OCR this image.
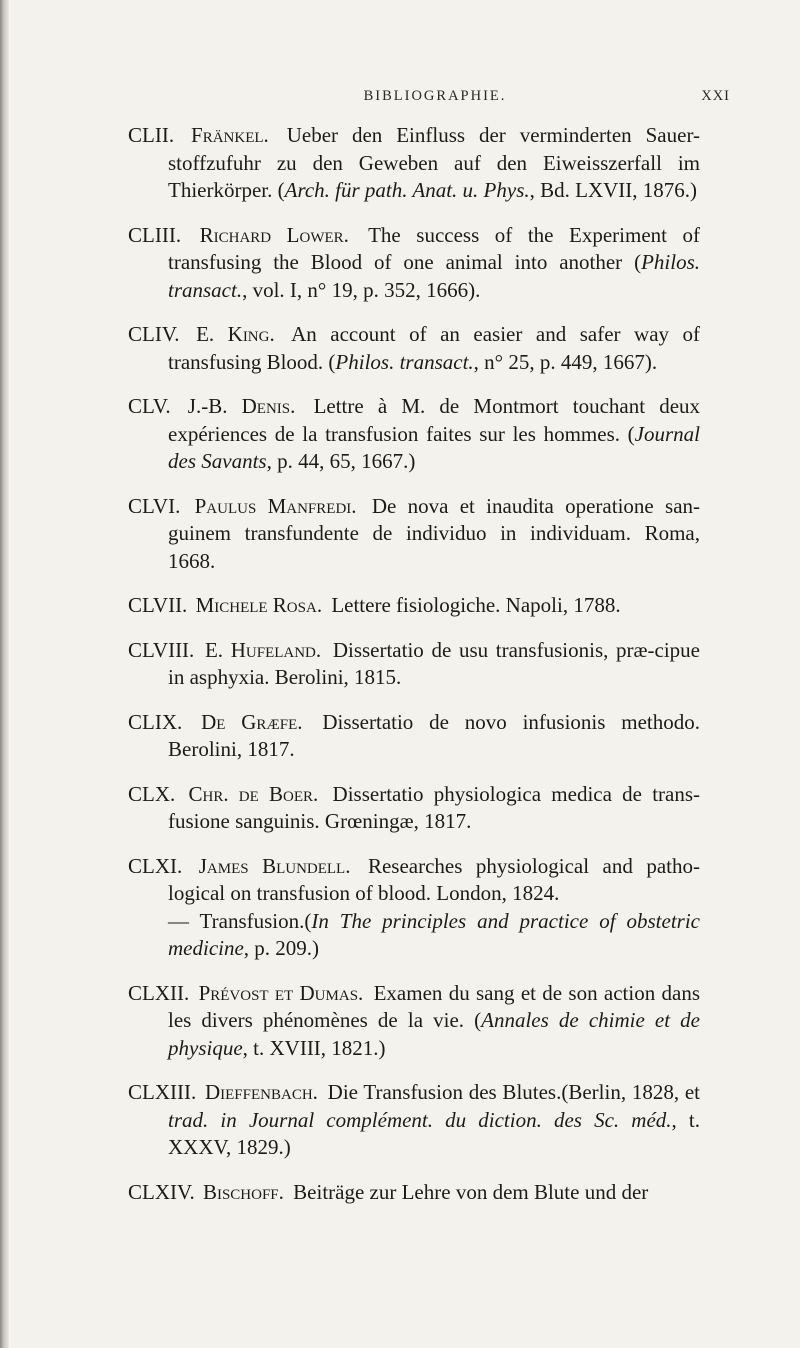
BIBLIOGRAPHIE.	XXI

CLII. Fränkel. Ueber den Einfluss der verminderten Sauer-stoffzufuhr zu den Geweben auf den Eiweisszerfall im Thierkörper. (Arch. für path. Anat. u. Phys., Bd. LXVII, 1876.)

CLIII. Richard Lower. The success of the Experiment of transfusing the Blood of one animal into another (Philos. transact., vol. I, n° 19, p. 352, 1666).

CLIV. E. King. An account of an easier and safer way of transfusing Blood. (Philos. transact., n° 25, p. 449, 1667).

CLV. J.-B. Denis. Lettre à M. de Montmort touchant deux expériences de la transfusion faites sur les hommes. (Journal des Savants, p. 44, 65, 1667.)

CLVI. Paulus Manfredi. De nova et inaudita operatione san-guinem transfundente de individuo in individuam. Roma, 1668.

CLVII. Michele Rosa. Lettere fisiologiche. Napoli, 1788.

CLVIII. E. Hufeland. Dissertatio de usu transfusionis, præ-cipue in asphyxia. Berolini, 1815.

CLIX. De Græfe. Dissertatio de novo infusionis methodo. Berolini, 1817.

CLX. Chr. de Boer. Dissertatio physiologica medica de trans-fusione sanguinis. Grœningæ, 1817.

CLXI. James Blundell. Researches physiological and patho-logical on transfusion of blood. London, 1824.
— Transfusion.(In The principles and practice of obstetric medicine, p. 209.)

CLXII. Prévost et Dumas. Examen du sang et de son action dans les divers phénomènes de la vie. (Annales de chimie et de physique, t. XVIII, 1821.)

CLXIII. Dieffenbach. Die Transfusion des Blutes.(Berlin, 1828, et trad. in Journal complément. du diction. des Sc. méd., t. XXXV, 1829.)

CLXIV. Bischoff. Beiträge zur Lehre von dem Blute und der
